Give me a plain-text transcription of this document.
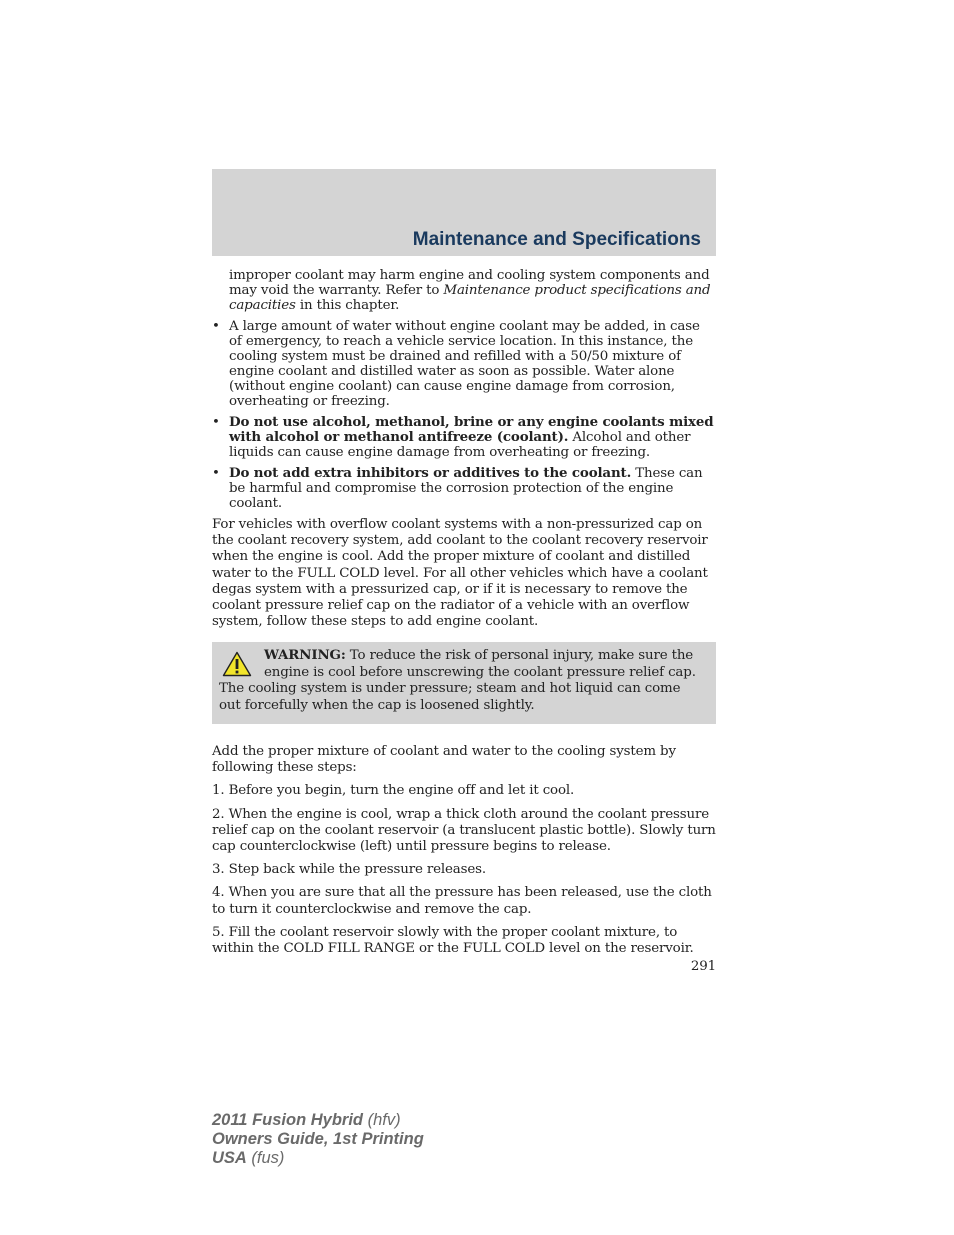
Maintenance and Specifications

improper coolant may harm engine and cooling system components and may void the warranty. Refer to Maintenance product specifications and capacities in this chapter.

• A large amount of water without engine coolant may be added, in case of emergency, to reach a vehicle service location. In this instance, the cooling system must be drained and refilled with a 50/50 mixture of engine coolant and distilled water as soon as possible. Water alone (without engine coolant) can cause engine damage from corrosion, overheating or freezing.

• Do not use alcohol, methanol, brine or any engine coolants mixed with alcohol or methanol antifreeze (coolant). Alcohol and other liquids can cause engine damage from overheating or freezing.

• Do not add extra inhibitors or additives to the coolant. These can be harmful and compromise the corrosion protection of the engine coolant.

For vehicles with overflow coolant systems with a non-pressurized cap on the coolant recovery system, add coolant to the coolant recovery reservoir when the engine is cool. Add the proper mixture of coolant and distilled water to the FULL COLD level. For all other vehicles which have a coolant degas system with a pressurized cap, or if it is necessary to remove the coolant pressure relief cap on the radiator of a vehicle with an overflow system, follow these steps to add engine coolant.

WARNING: To reduce the risk of personal injury, make sure the engine is cool before unscrewing the coolant pressure relief cap. The cooling system is under pressure; steam and hot liquid can come out forcefully when the cap is loosened slightly.

Add the proper mixture of coolant and water to the cooling system by following these steps:

1. Before you begin, turn the engine off and let it cool.

2. When the engine is cool, wrap a thick cloth around the coolant pressure relief cap on the coolant reservoir (a translucent plastic bottle). Slowly turn cap counterclockwise (left) until pressure begins to release.

3. Step back while the pressure releases.

4. When you are sure that all the pressure has been released, use the cloth to turn it counterclockwise and remove the cap.

5. Fill the coolant reservoir slowly with the proper coolant mixture, to within the COLD FILL RANGE or the FULL COLD level on the reservoir.

291

2011 Fusion Hybrid (hfv)
Owners Guide, 1st Printing
USA (fus)
